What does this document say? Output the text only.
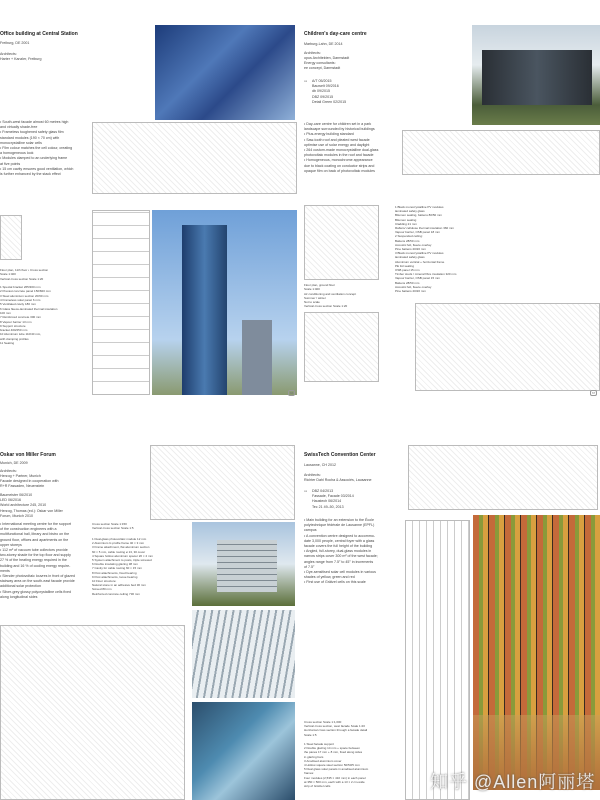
Office building at Central Station
Freiburg, DE 2001
Architects:
Harter + Kanzler, Freiburg
• South-west facade almost 60 metres high
and virtually shade-free
• Frameless toughened safety glass film
standard modules (190 × 70 cm) with
monocrystalline solar cells
• Film colour matches the cell colour, creating
a homogeneous look
• Modules clamped to an underlying frame
at five points
• 15 cm cavity ensures good ventilation, which
is further enhanced by the stack effect
Floor plan, 11th floor • Cross section
Scale 1:400
Vertical cross section Scale 1:20

1 Special bracket 265/300 mm
2 Precast concrete panel 150/820 mm
3 Steel aluminium section 20/60 mm
4 Frameless solar panel 6 mm
5 Ventilated cavity 180 mm
6 Glass fleece-laminated thermal insulation
100 mm
7 Reinforced concrete 300 mm
8 Vapour barrier 13 mm
9 Support structure
bracket 400/250 mm
10 Aluminium tube 110/40 mm,
with clamping profiles
11 Seating
66
Children's day-care centre
Marburg-Lahn, DE 2014
Architects:
opus Architekten, Darmstadt
Energy consultants:
ee concept, Darmstadt
▭ A/T 05/2015
Bauwelt 09/2016
db 09/2015
DBZ 09/2015
Detail Green 02/2015
• Day-care centre for children set in a park
landscape surrounded by historical buildings
• Plus-energy building standard
• Saw-tooth roof and pleated west facade
optimise use of solar energy and daylight
• 264 custom-made monocrystalline dual-glass
photovoltaic modules in the roof and facade
• Homogeneous, monochrome appearance
due to black coating on conductor strips and
opaque film on back of photovoltaic modules
Floor plan, ground floor
Scale 1:400
Air conditioning and ventilation concept
Summer / winter
Not to scale
Vertical cross section Scale 1:20
1 Black monocrystalline PV modules
laminated safety glass
Bitumen sealing, battens 80/50 mm
Bitumen sealing
Cladding 21 mm
Rafters/ cellulose thermal insulation 360 mm
Vapour barrier, OSB panel 18 mm
2 Suspended ceiling:
Battens 28/50 mm
Acoustic felt, fleece overlay
Pine battens 20/20 mm
3 Black monocrystalline PV modules
laminated safety glass
Aluminium vertical + horizontal frame
PE foil sealing
OSB panel 15 mm
Timber studs / mineral fibre insulation 320 mm
Vapour barrier, OSB panel 15 mm
Battens 28/50 mm
Acoustic felt, fleece overlay
Pine battens 20/20 mm
67
Oskar von Miller Forum
Munich, DE 2009
Architects:
Herzog + Partner, Munich
Facade designed in cooperation with
R+R Fassaden, Neuenstein
Baumeister 06/2010
LED 06/2016
World architecture 245, 2010
Herzog, Thomas (ed.): Oskar von Miller
Forum, Munich 2010
• International meeting centre for the support
of the construction engineers with a
multifunctional hall, library and bistro on the
ground floor, offices and apartments on the
upper storeys
• 112 m² of vacuum tube collectors provide
two-storey shade for the top floor and supply
27 % of the heating energy required in the
building and 16 % of cooling energy require-
ments
• Slender photovoltaic louvres in front of glazed
stairway area on the south-east facade provide
additional solar protection
• Silver-grey glossy polycrystalline cells fixed
along longitudinal sides
Cross section Scale 1:150
Vertical cross section Scale 1:5
1 Dual-glass photovoltaic module 12 mm
2 Aluminium U-profile frame 40 × 3 mm
3 Frame attachment, flat aluminium section
60 × 5 mm, cable routing ø 13, 30 cover
4 Square hollow aluminium spacer 20 × 2 mm
5 System attachment to posts, triple screwed
6 Double insulating glazing 38 mm
7 Cavity for cable routing 60 × 15 mm
8 Post attachments, fixed bearing
9 Post attachments, loose bearing
10 Floor structure:
Natural stone in an adhesive bed 30 mm
Screed 80 mm
Reinforced concrete ceiling 730 mm
SwissTech Convention Center
Lausanne, CH 2012
Architects:
Richter Dahl Rocha & Associés, Lausanne
▭ DBZ 04/2013
Fassade, Facade 03/2014
Haustech 06/2014
Tec 21 49–50, 2013
• Main building for an extension to the École
polytechnique fédérale de Lausanne (EPFL)
campus
• A convention centre designed to accommo-
date 3,000 people, central foyer with a glass
facade covers the full height of the building
• Angled, full-storey, dual-glass modules in
narrow strips cover 300 m² of the west facade;
angles range from 7.5° to 45° in increments
of 7.5°
• Dye-sensitised solar cell modules in various
shades of yellow, green and red
• First use of Grätzel cells on this scale
Cross section Scale 1:1,000
Vertical cross section, west facade Scale 1:20
Horizontal cross section through a facade detail
Scale 1:5
1 Steel facade support
2 Double glazing 14 mm + space between
the panes 17 mm + 8 mm, fixed along sides
in glazing bars
3 Anodised aluminium cover
4 Hollow square steel section 50/50/5 mm
5 Dual glass solar panels in anodised aluminium
frames:
Four modules (2,535 × 410 mm) in each panel
at 350 × 500 mm, each with a 13 × 2 cm-wide
strip of Grätzel cells	知乎 @Allen阿丽塔
